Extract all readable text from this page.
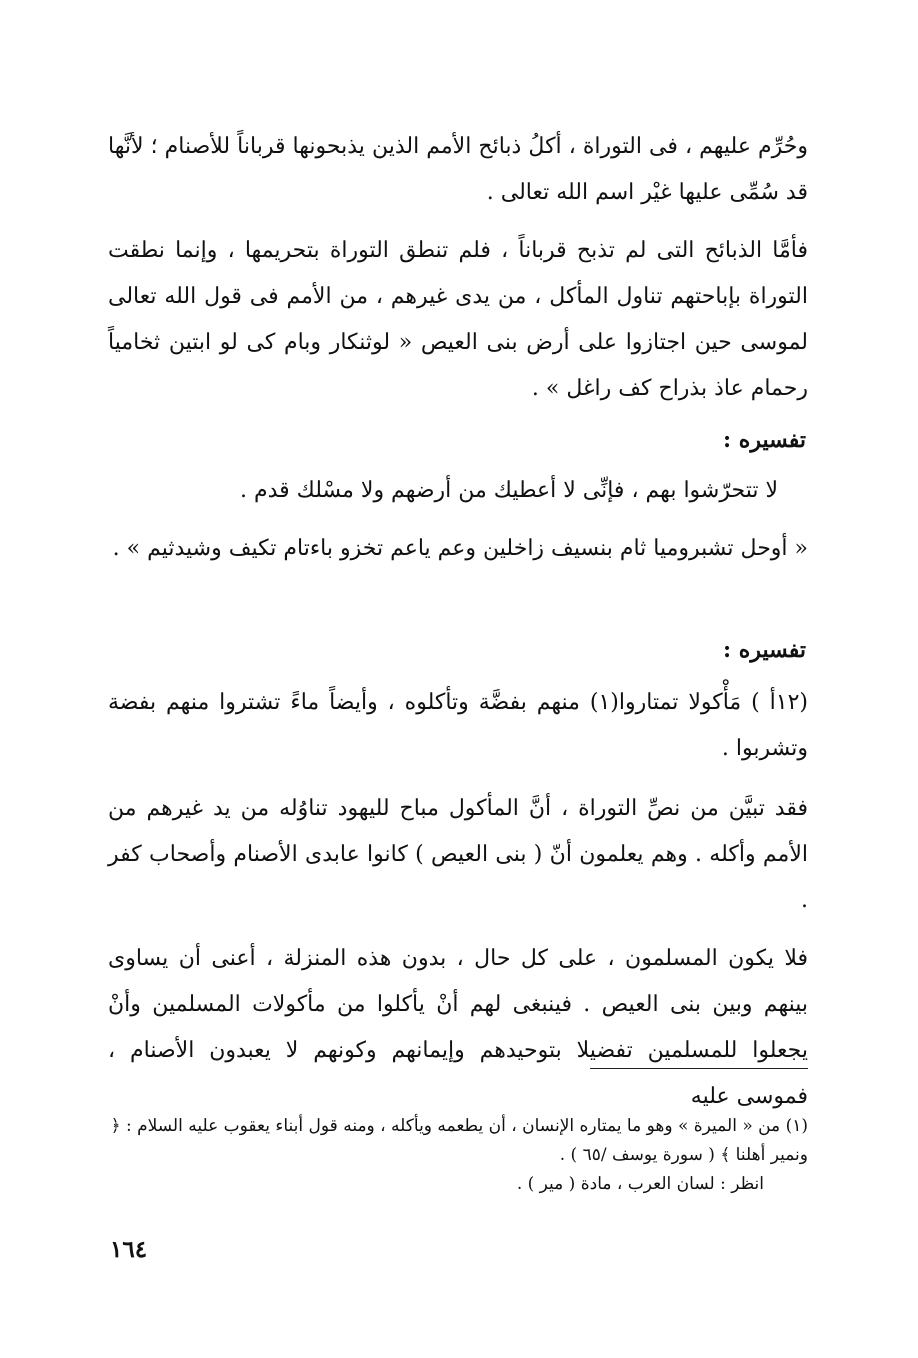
وحُرِّم عليهم ، فى التوراة ، أكلُ ذبائح الأمم الذين يذبحونها قرباناً للأصنام ؛ لأنَّها قد سُمِّى عليها غيْر اسم الله تعالى .

فأمَّا الذبائح التى لم تذبح قرباناً ، فلم تنطق التوراة بتحريمها ، وإنما نطقت التوراة بإباحتهم تناول المأكل ، من يدى غيرهم ، من الأمم فى قول الله تعالى لموسى حين اجتازوا على أرض بنى العيص « لوثنكار وبام كى لو ابتين ثخامياً رحمام عاذ بذراح كف راغل » .

تفسيره :

لا تتحرّشوا بهم ، فإنِّى لا أعطيك من أرضهم ولا مسْلك قدم .

« أوحل تشبروميا ثام بنسيف زاخلين وعم ياعم تخزو باءتام تكيف وشيدثيم » .

تفسيره :

(١٢أ ) مَأْكولا تمتاروا(١) منهم بفضَّة وتأكلوه ، وأيضاً ماءً تشتروا منهم بفضة وتشربوا .

فقد تبيَّن من نصِّ التوراة ، أنَّ المأكول مباح لليهود تناوُله من يد غيرهم من الأمم وأكله . وهم يعلمون أنّ ( بنى العيص ) كانوا عابدى الأصنام وأصحاب كفر .

فلا يكون المسلمون ، على كل حال ، بدون هذه المنزلة ، أعنى أن يساوى بينهم وبين بنى العيص . فينبغى لهم أنْ يأكلوا من مأكولات المسلمين وأنْ يجعلوا للمسلمين تفضيلا بتوحيدهم وإيمانهم وكونهم لا يعبدون الأصنام ، فموسى عليه

(١) من « الميرة » وهو ما يمتاره الإنسان ، أن يطعمه ويأكله ، ومنه قول أبناء يعقوب عليه السلام : ﴿ ونمير أهلنا ﴾ ( سورة يوسف /٦٥ ) .

انظر : لسان العرب ، مادة ( مير ) .

١٦٤
